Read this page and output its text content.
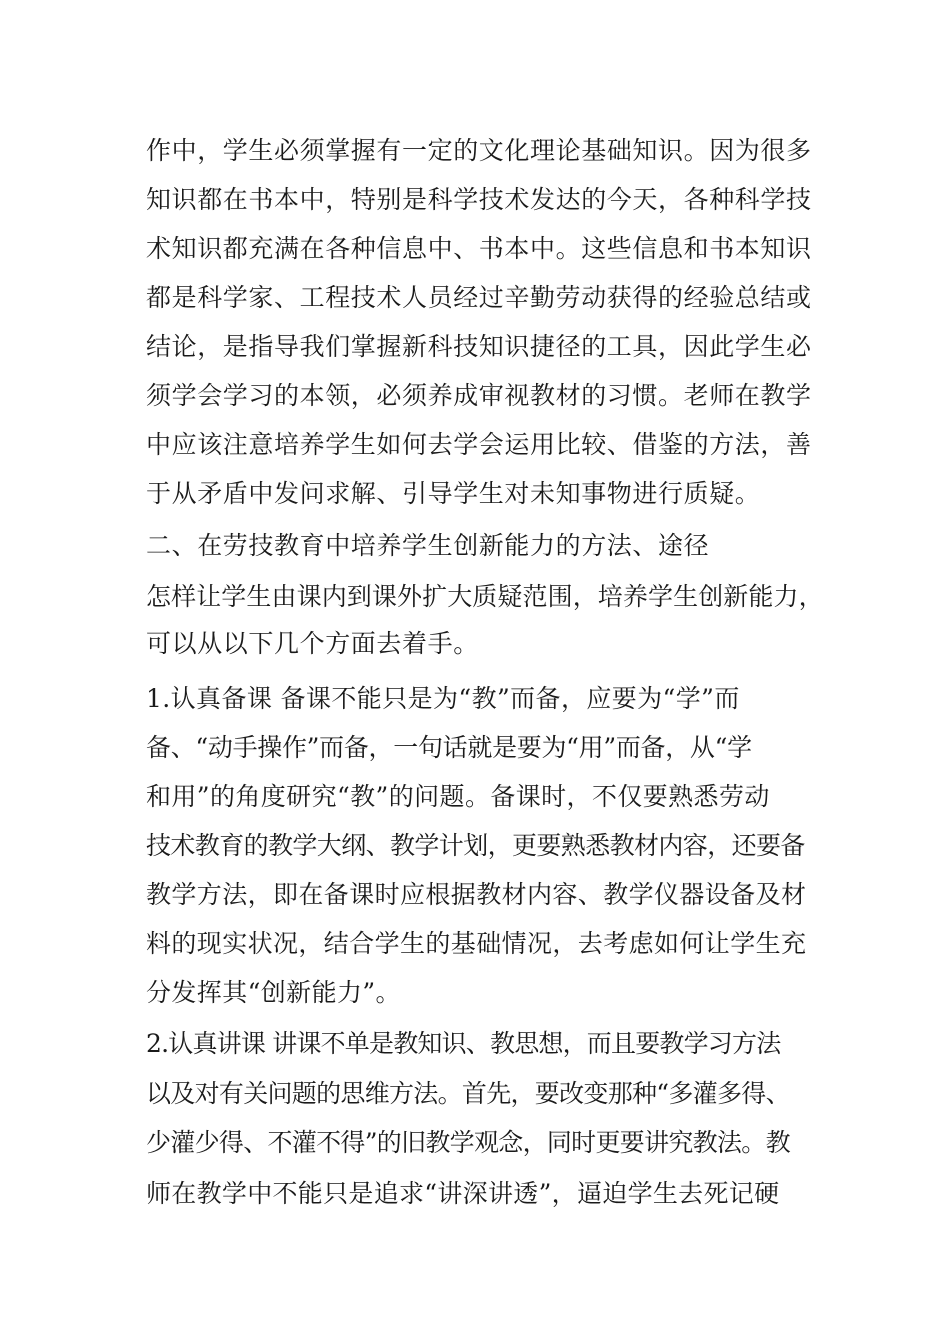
作中，学生必须掌握有一定的文化理论基础知识。因为很多
知识都在书本中，特别是科学技术发达的今天，各种科学技
术知识都充满在各种信息中、书本中。这些信息和书本知识
都是科学家、工程技术人员经过辛勤劳动获得的经验总结或
结论，是指导我们掌握新科技知识捷径的工具，因此学生必
须学会学习的本领，必须养成审视教材的习惯。老师在教学
中应该注意培养学生如何去学会运用比较、借鉴的方法，善
于从矛盾中发问求解、引导学生对未知事物进行质疑。
二、在劳技教育中培养学生创新能力的方法、途径
怎样让学生由课内到课外扩大质疑范围，培养学生创新能力，
可以从以下几个方面去着手。
1.认真备课 备课不能只是为“教”而备，应要为“学”而
备、“动手操作”而备，一句话就是要为“用”而备，从“学
和用”的角度研究“教”的问题。备课时，不仅要熟悉劳动
技术教育的教学大纲、教学计划，更要熟悉教材内容，还要备
教学方法，即在备课时应根据教材内容、教学仪器设备及材
料的现实状况，结合学生的基础情况，去考虑如何让学生充
分发挥其“创新能力”。
2.认真讲课 讲课不单是教知识、教思想，而且要教学习方法
以及对有关问题的思维方法。首先，要改变那种“多灌多得、
少灌少得、不灌不得”的旧教学观念，同时更要讲究教法。教
师在教学中不能只是追求“讲深讲透”，逼迫学生去死记硬
